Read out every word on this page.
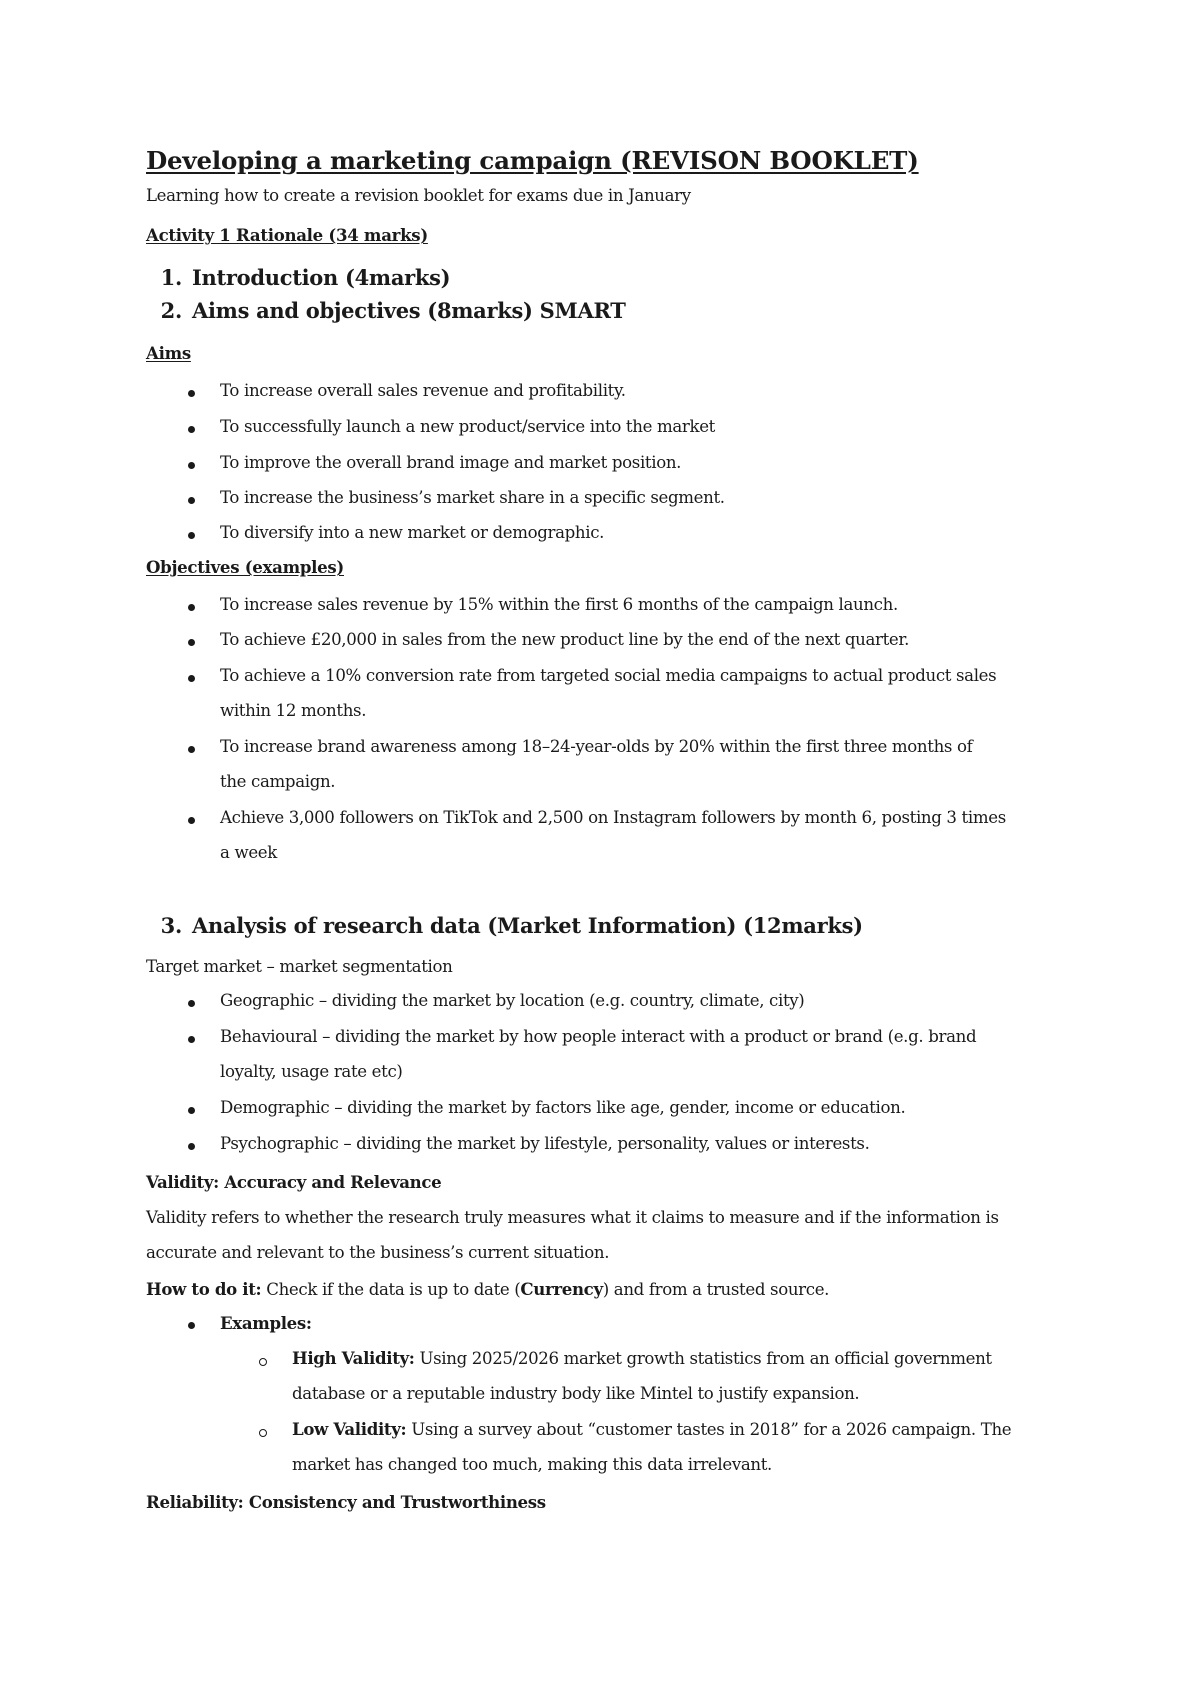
Developing a marketing campaign (REVISON BOOKLET)
Learning how to create a revision booklet for exams due in January
Activity 1 Rationale (34 marks)
1. Introduction (4marks)
2. Aims and objectives (8marks) SMART
Aims
To increase overall sales revenue and profitability.
To successfully launch a new product/service into the market
To improve the overall brand image and market position.
To increase the business’s market share in a specific segment.
To diversify into a new market or demographic.
Objectives (examples)
To increase sales revenue by 15% within the first 6 months of the campaign launch.
To achieve £20,000 in sales from the new product line by the end of the next quarter.
To achieve a 10% conversion rate from targeted social media campaigns to actual product sales
within 12 months.
To increase brand awareness among 18–24-year-olds by 20% within the first three months of
the campaign.
Achieve 3,000 followers on TikTok and 2,500 on Instagram followers by month 6, posting 3 times
a week
3. Analysis of research data (Market Information) (12marks)
Target market – market segmentation
Geographic – dividing the market by location (e.g. country, climate, city)
Behavioural – dividing the market by how people interact with a product or brand (e.g. brand
loyalty, usage rate etc)
Demographic – dividing the market by factors like age, gender, income or education.
Psychographic – dividing the market by lifestyle, personality, values or interests.
Validity: Accuracy and Relevance
Validity refers to whether the research truly measures what it claims to measure and if the information is
accurate and relevant to the business’s current situation.
How to do it: Check if the data is up to date (Currency) and from a trusted source.
Examples:
High Validity: Using 2025/2026 market growth statistics from an official government
database or a reputable industry body like Mintel to justify expansion.
Low Validity: Using a survey about “customer tastes in 2018” for a 2026 campaign. The
market has changed too much, making this data irrelevant.
Reliability: Consistency and Trustworthiness
